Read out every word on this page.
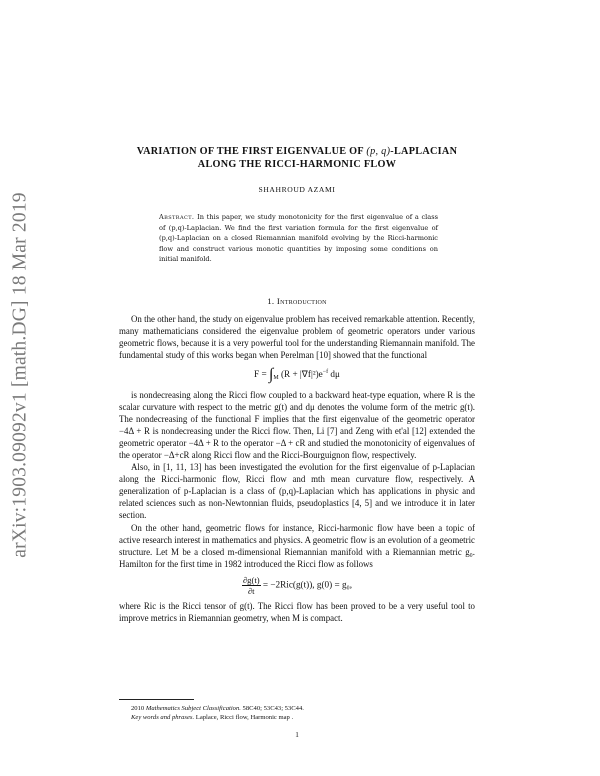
arXiv:1903.09092v1 [math.DG] 18 Mar 2019
VARIATION OF THE FIRST EIGENVALUE OF (p, q)-LAPLACIAN
ALONG THE RICCI-HARMONIC FLOW
SHAHROUD AZAMI
Abstract. In this paper, we study monotonicity for the first eigenvalue of a class of (p,q)-Laplacian. We find the first variation formula for the first eigenvalue of (p,q)-Laplacian on a closed Riemannian manifold evolving by the Ricci-harmonic flow and construct various monotic quantities by imposing some conditions on initial manifold.
1. Introduction

On the other hand, the study on eigenvalue problem has received remarkable attention. Recently, many mathematicians considered the eigenvalue problem of geometric operators under various geometric flows, because it is a very powerful tool for the understanding Riemannain manifold. The fundamental study of this works began when Perelman [10] showed that the functional

$F = \int_M$ $(R + |\nabla f|^2)e^{-f}$ dμ

is nondecreasing along the Ricci flow coupled to a backward heat-type equation, where R is the scalar curvature with respect to the metric g(t) and dμ denotes the volume form of the metric g(t). The nondecreasing of the functional F implies that the first eigenvalue of the geometric operator −4Δ + R is nondecreasing under the Ricci flow. Then, Li [7] and Zeng with et'al [12] extended the geometric operator −4Δ + R to the operator −Δ + cR and studied the monotonicity of eigenvalues of the operator −Δ+cR along Ricci flow and the Ricci-Bourguignon flow, respectively.

Also, in [1, 11, 13] has been investigated the evolution for the first eigenvalue of p-Laplacian along the Ricci-harmonic flow, Ricci flow and mth mean curvature flow, respectively. A generalization of p-Laplacian is a class of (p,q)-Laplacian which has applications in physic and related sciences such as non-Newtonnian fluids, pseudoplastics [4, 5] and we introduce it in later section.

On the other hand, geometric flows for instance, Ricci-harmonic flow have been a topic of active research interest in mathematics and physics. A geometric flow is an evolution of a geometric structure. Let M be a closed m-dimensional Riemannian manifold with a Riemannian metric g₀. Hamilton for the first time in 1982 introduced the Ricci flow as follows

$\frac{\partial g(t)}{\partial t} = -2Ric(g(t))$, g(0) = g₀,

where Ric is the Ricci tensor of g(t). The Ricci flow has been proved to be a very useful tool to improve metrics in Riemannian geometry, when M is compact.

2010 Mathematics Subject Classification. 58C40; 53C43; 53C44.
Key words and phrases. Laplace, Ricci flow, Harmonic map .
1
